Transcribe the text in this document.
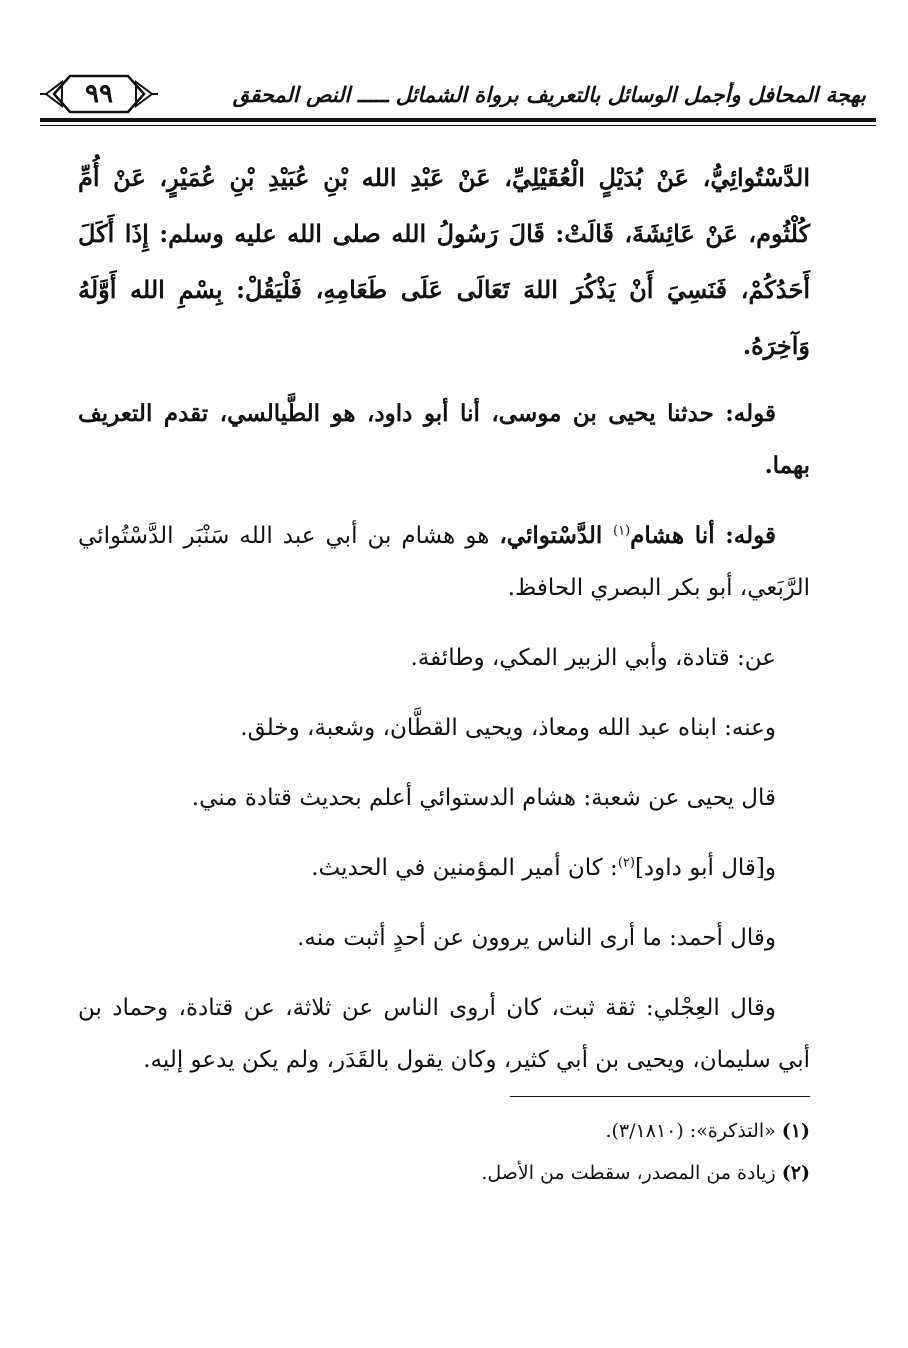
٩٩	بهجة المحافل وأجمل الوسائل بالتعريف برواة الشمائل ـــــ النص المحقق

الدَّسْتُوائِيُّ، عَنْ بُدَيْلٍ الْعُقَيْلِيِّ، عَنْ عَبْدِ الله بْنِ عُبَيْدِ بْنِ عُمَيْرٍ، عَنْ أُمِّ كُلْثُوم، عَنْ عَائِشَةَ، قَالَتْ: قَالَ رَسُولُ الله صلى الله عليه وسلم: إِذَا أَكَلَ أَحَدُكُمْ، فَنَسِيَ أَنْ يَذْكُرَ اللهَ تَعَالَى عَلَى طَعَامِهِ، فَلْيَقُلْ: بِسْمِ الله أَوَّلَهُ وَآخِرَهُ.

قوله: حدثنا يحيى بن موسى، أنا أبو داود، هو الطَّيالسي، تقدم التعريف بهما.

قوله: أنا هشام$^{(١)}$ الدَّسْتوائي، هو هشام بن أبي عبد الله سَنْبَر الدَّسْتُوائي الرَّبَعي، أبو بكر البصري الحافظ.

عن: قتادة، وأبي الزبير المكي، وطائفة.

وعنه: ابناه عبد الله ومعاذ، ويحيى القطَّان، وشعبة، وخلق.

قال يحيى عن شعبة: هشام الدستوائي أعلم بحديث قتادة مني.

و[قال أبو داود]$^{(٢)}$: كان أمير المؤمنين في الحديث.

وقال أحمد: ما أرى الناس يروون عن أحدٍ أثبت منه.

وقال العِجْلي: ثقة ثبت، كان أروى الناس عن ثلاثة، عن قتادة، وحماد بن أبي سليمان، ويحيى بن أبي كثير، وكان يقول بالقَدَر، ولم يكن يدعو إليه.

(١) «التذكرة»: (٣/١٨١٠).

(٢) زيادة من المصدر، سقطت من الأصل.
